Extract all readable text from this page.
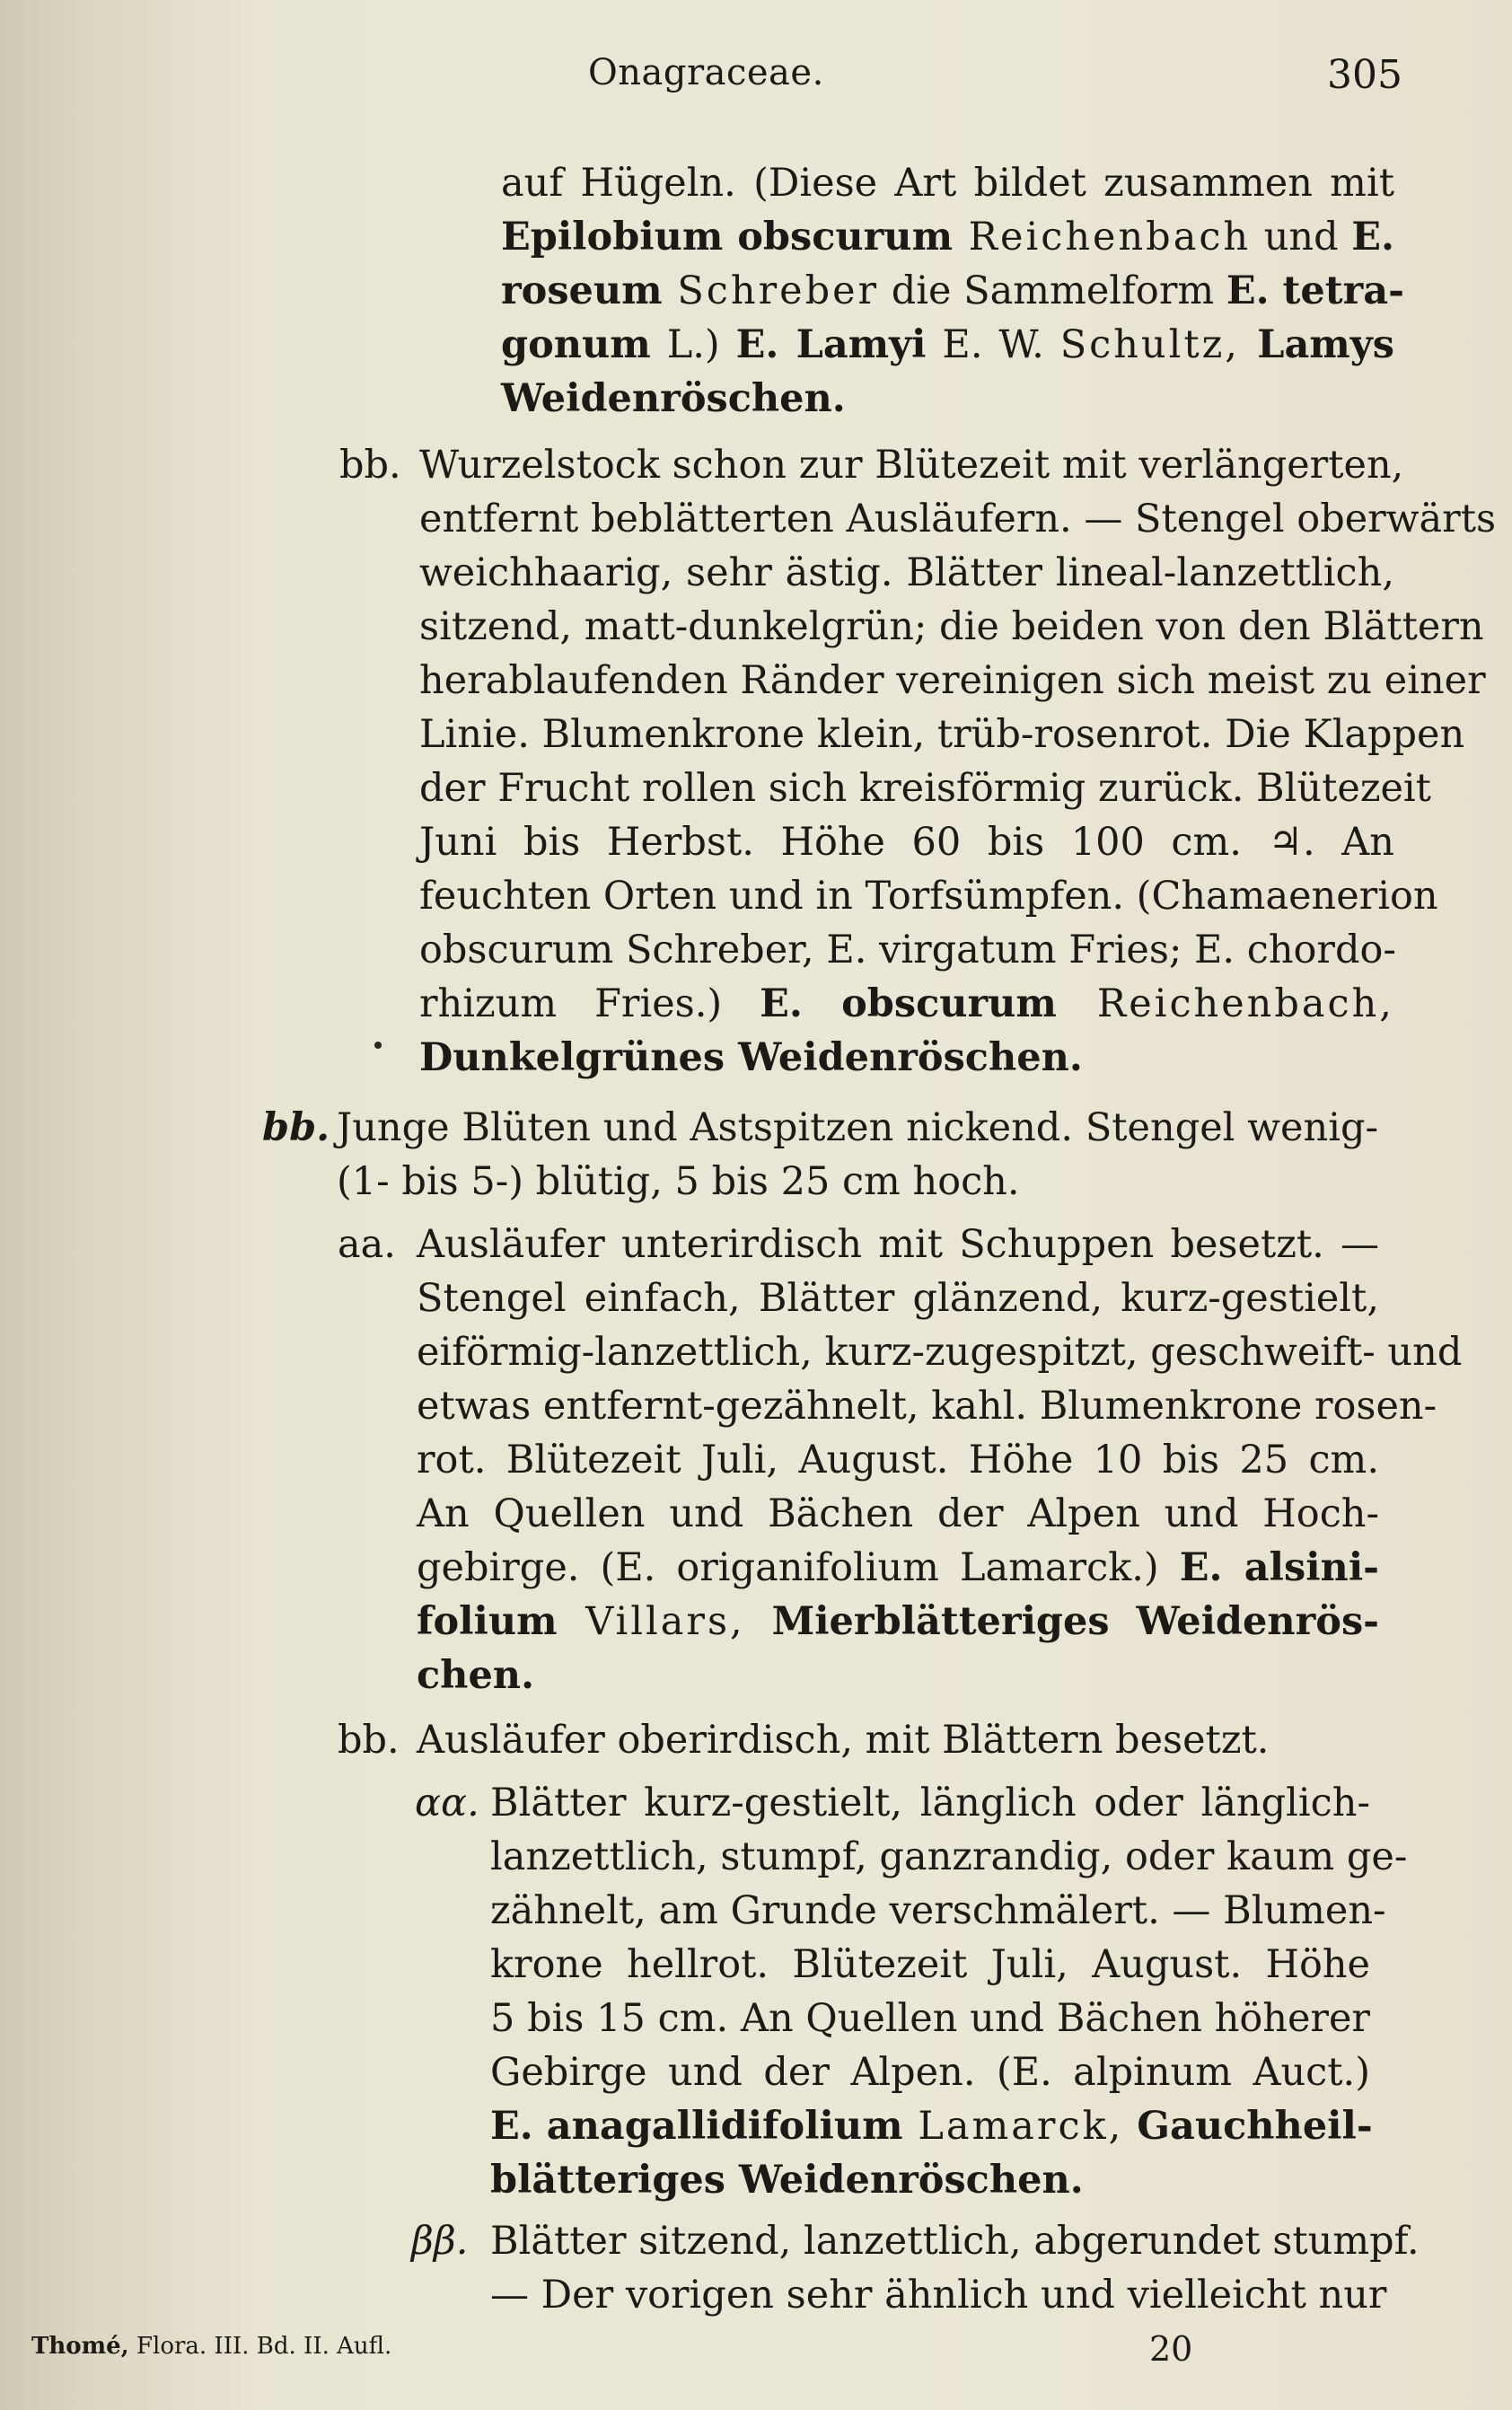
Onagraceae.	305
auf Hügeln. (Diese Art bildet zusammen mit
Epilobium obscurum Reichenbach und E.
roseum Schreber die Sammelform E. tetra-
gonum L.) E. Lamyi E. W. Schultz, Lamys
Weidenröschen.
bb. Wurzelstock schon zur Blütezeit mit verlängerten,
entfernt beblätterten Ausläufern. — Stengel oberwärts
weichhaarig, sehr ästig. Blätter lineal-lanzettlich,
sitzend, matt-dunkelgrün; die beiden von den Blättern
herablaufenden Ränder vereinigen sich meist zu einer
Linie. Blumenkrone klein, trüb-rosenrot. Die Klappen
der Frucht rollen sich kreisförmig zurück. Blütezeit
Juni bis Herbst. Höhe 60 bis 100 cm. ♃. An
feuchten Orten und in Torfsümpfen. (Chamaenerion
obscurum Schreber, E. virgatum Fries; E. chordo-
rhizum Fries.) E. obscurum Reichenbach,
Dunkelgrünes Weidenröschen.
bb. Junge Blüten und Astspitzen nickend. Stengel wenig-
(1- bis 5-) blütig, 5 bis 25 cm hoch.
aa. Ausläufer unterirdisch mit Schuppen besetzt. —
Stengel einfach, Blätter glänzend, kurz-gestielt,
eiförmig-lanzettlich, kurz-zugespitzt, geschweift- und
etwas entfernt-gezähnelt, kahl. Blumenkrone rosen-
rot. Blütezeit Juli, August. Höhe 10 bis 25 cm.
An Quellen und Bächen der Alpen und Hoch-
gebirge. (E. origanifolium Lamarck.) E. alsini-
folium Villars, Mierblätteriges Weidenrös-
chen.
bb. Ausläufer oberirdisch, mit Blättern besetzt.
αα. Blätter kurz-gestielt, länglich oder länglich-
lanzettlich, stumpf, ganzrandig, oder kaum ge-
zähnelt, am Grunde verschmälert. — Blumen-
krone hellrot. Blütezeit Juli, August. Höhe
5 bis 15 cm. An Quellen und Bächen höherer
Gebirge und der Alpen. (E. alpinum Auct.)
E. anagallidifolium Lamarck, Gauchheil-
blätteriges Weidenröschen.
ββ. Blätter sitzend, lanzettlich, abgerundet stumpf.
— Der vorigen sehr ähnlich und vielleicht nur
Thomé, Flora. III. Bd. II. Aufl.	20
